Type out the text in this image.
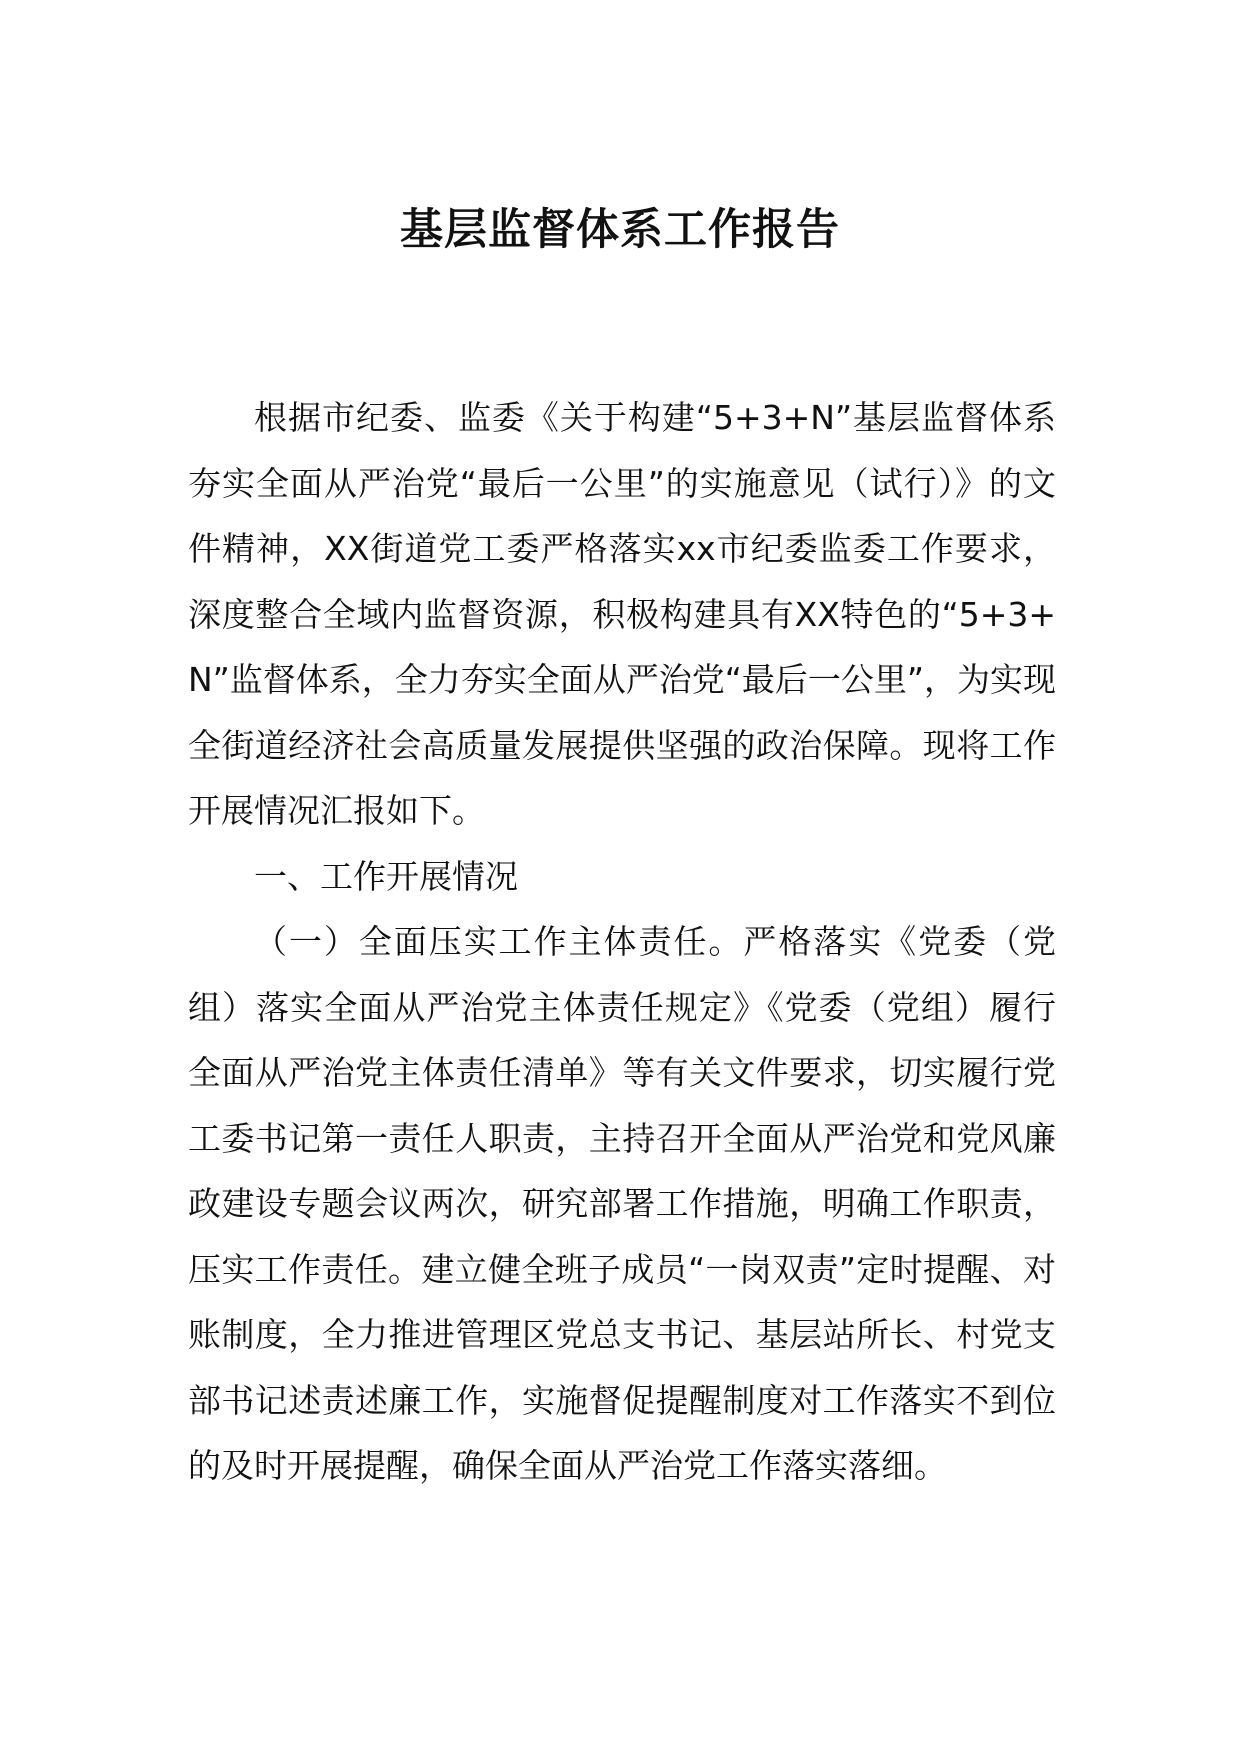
基层监督体系工作报告

根据市纪委、监委《关于构建“5+3+N”基层监督体系夯实全面从严治党“最后一公里”的实施意见（试行）》的文件精神，XX街道党工委严格落实xx市纪委监委工作要求，深度整合全域内监督资源，积极构建具有XX特色的“5+3+N”监督体系，全力夯实全面从严治党“最后一公里”，为实现全街道经济社会高质量发展提供坚强的政治保障。现将工作开展情况汇报如下。

一、工作开展情况

（一）全面压实工作主体责任。严格落实《党委（党组）落实全面从严治党主体责任规定》《党委（党组）履行全面从严治党主体责任清单》等有关文件要求，切实履行党工委书记第一责任人职责，主持召开全面从严治党和党风廉政建设专题会议两次，研究部署工作措施，明确工作职责，压实工作责任。建立健全班子成员“一岗双责”定时提醒、对账制度，全力推进管理区党总支书记、基层站所长、村党支部书记述责述廉工作，实施督促提醒制度对工作落实不到位的及时开展提醒，确保全面从严治党工作落实落细。
